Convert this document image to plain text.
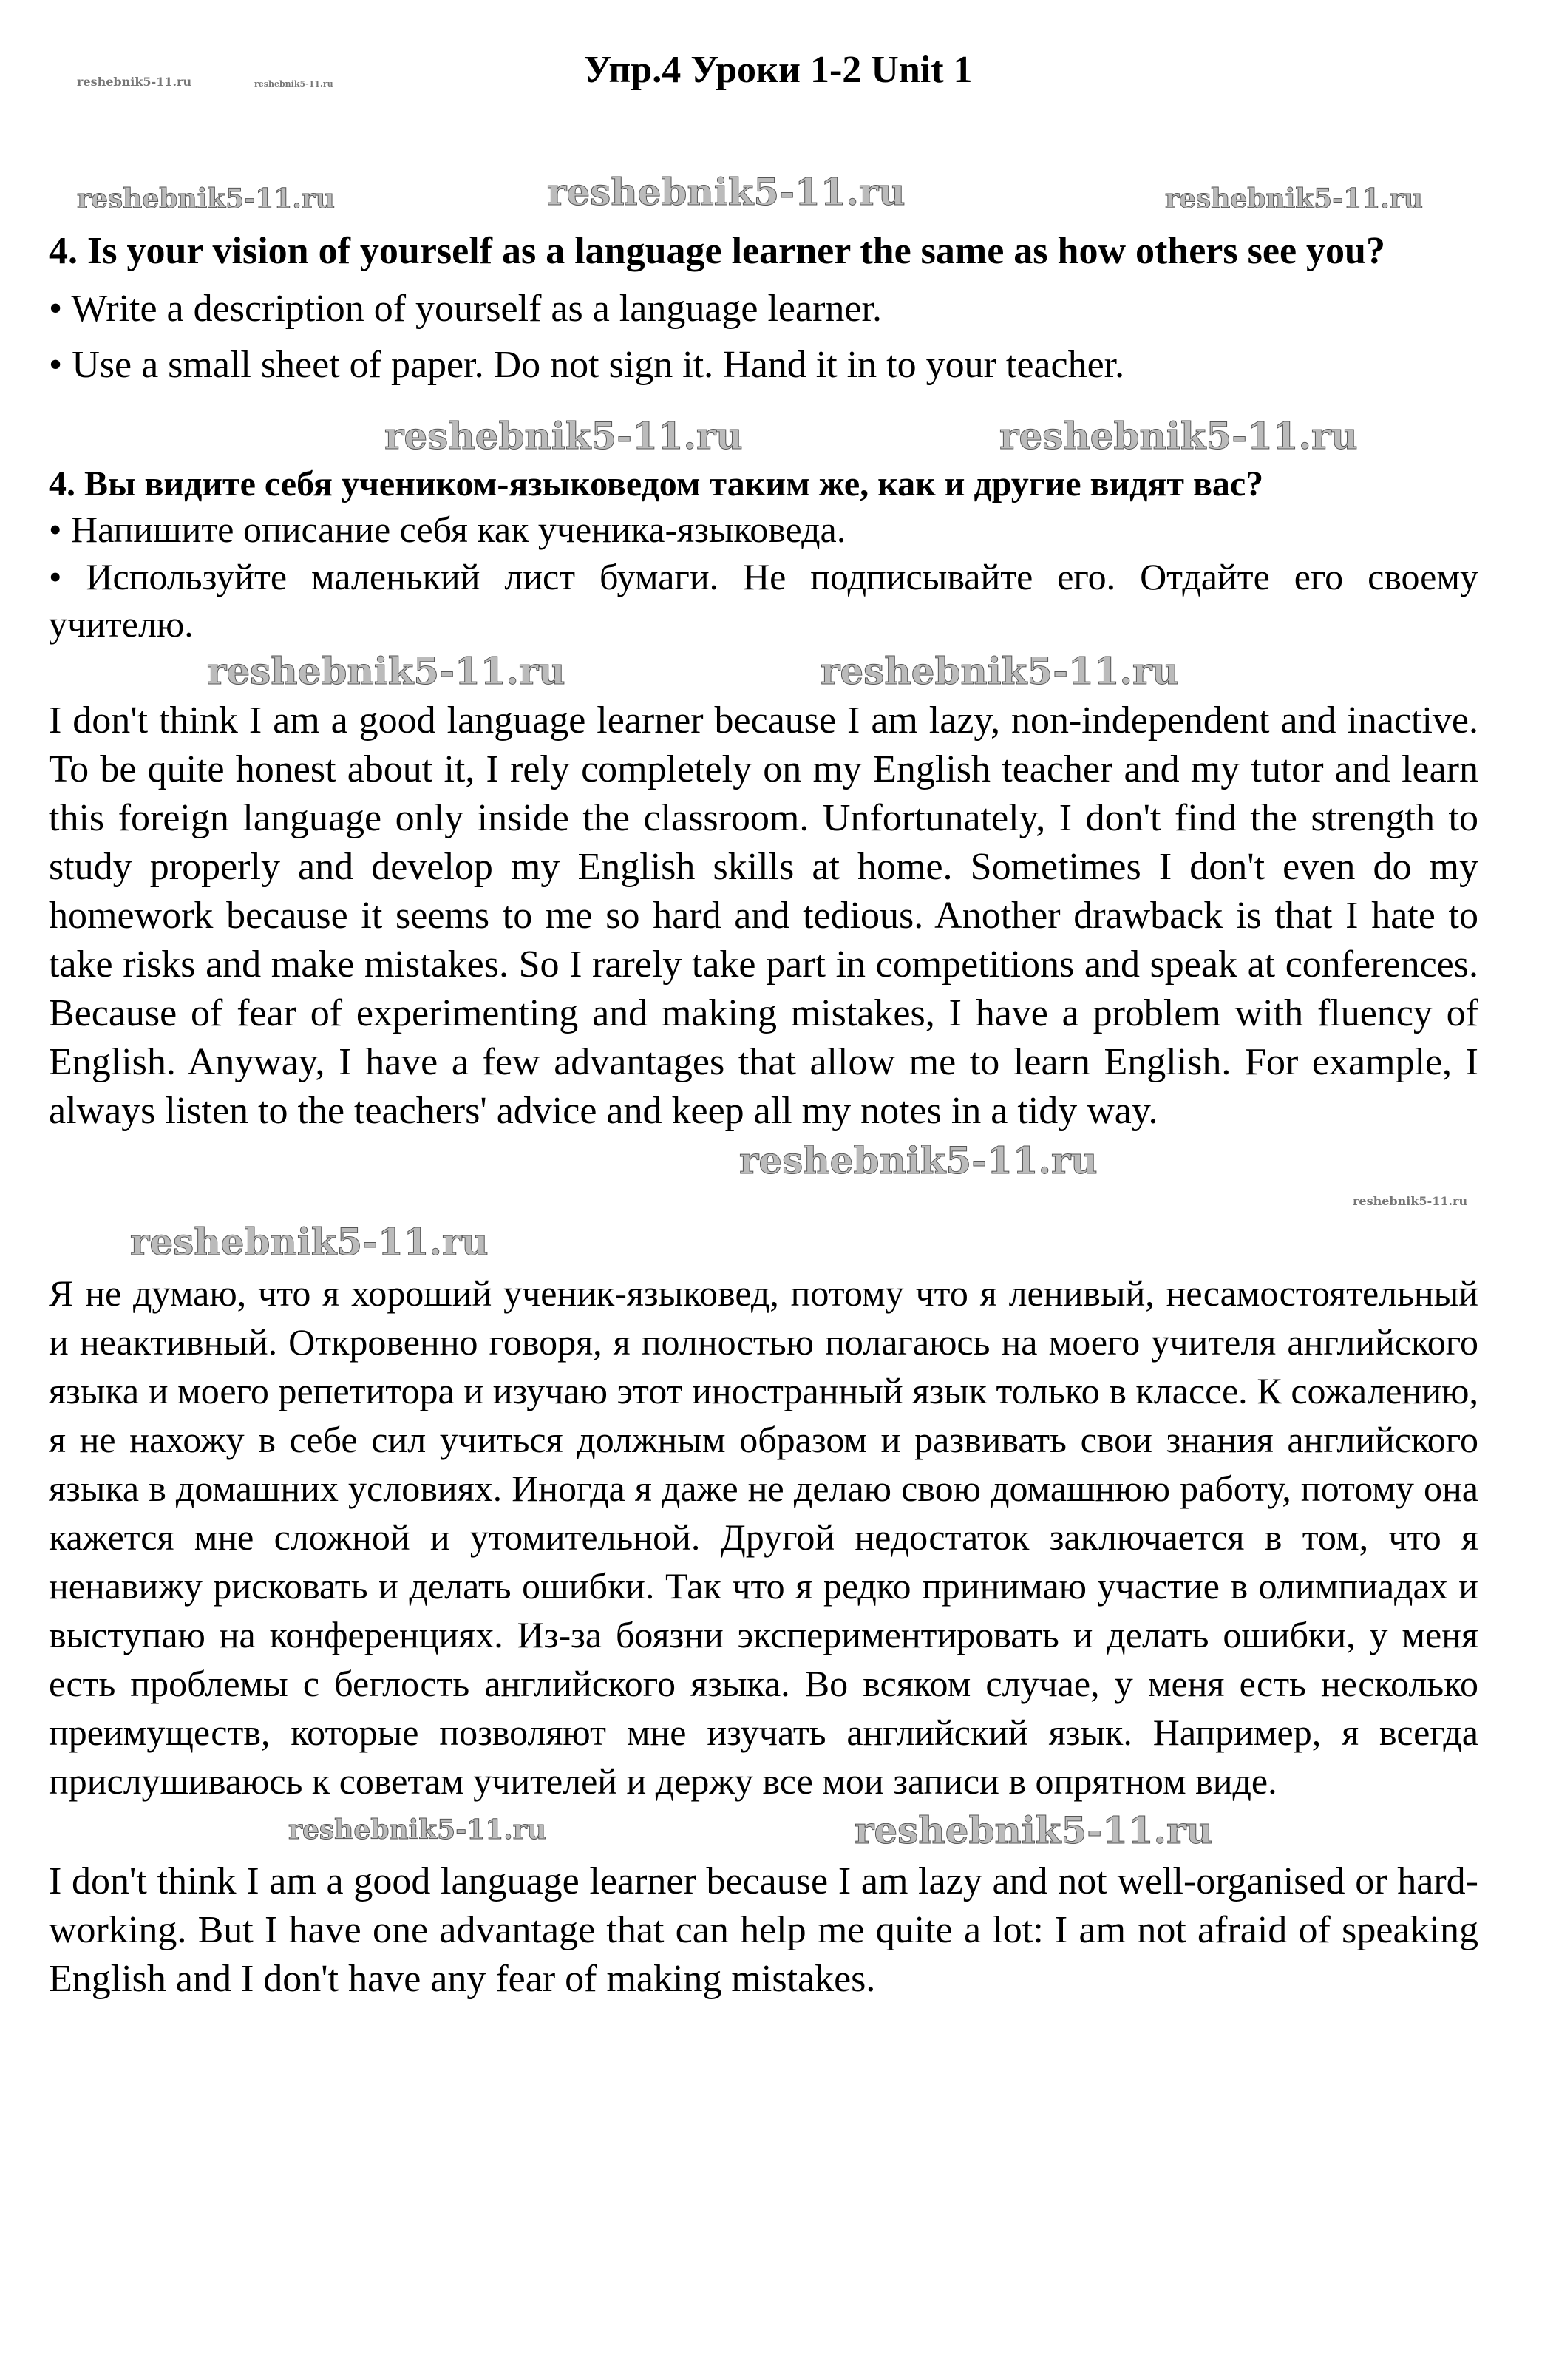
reshebnik5-11.ru	reshebnik5-11.ru	Упр.4 Уроки 1-2 Unit 1
reshebnik5-11.ru	reshebnik5-11.ru	reshebnik5-11.ru
4. Is your vision of yourself as a language learner the same as how others see you?

• Write a description of yourself as a language learner.

• Use a small sheet of paper. Do not sign it. Hand it in to your teacher.

reshebnik5-11.ru	reshebnik5-11.ru
4. Вы видите себя учеником-языковедом таким же, как и другие видят вас?

• Напишите описание себя как ученика-языковеда.

• Используйте маленький лист бумаги. Не подписывайте его. Отдайте его своему учителю.

reshebnik5-11.ru	reshebnik5-11.ru
I don't think I am a good language learner because I am lazy, non-independent and inactive. To be quite honest about it, I rely completely on my English teacher and my tutor and learn this foreign language only inside the classroom. Unfortunately, I don't find the strength to study properly and develop my English skills at home. Sometimes I don't even do my homework because it seems to me so hard and tedious. Another drawback is that I hate to take risks and make mistakes. So I rarely take part in competitions and speak at conferences. Because of fear of experimenting and making mistakes, I have a problem with fluency of English. Anyway, I have a few advantages that allow me to learn English. For example, I always listen to the teachers' advice and keep all my notes in a tidy way.
reshebnik5-11.ru
reshebnik5-11.ru
reshebnik5-11.ru
Я не думаю, что я хороший ученик-языковед, потому что я ленивый, несамостоятельный и неактивный. Откровенно говоря, я полностью полагаюсь на моего учителя английского языка и моего репетитора и изучаю этот иностранный язык только в классе. К сожалению, я не нахожу в себе сил учиться должным образом и развивать свои знания английского языка в домашних условиях. Иногда я даже не делаю свою домашнюю работу, потому она кажется мне сложной и утомительной. Другой недостаток заключается в том, что я ненавижу рисковать и делать ошибки. Так что я редко принимаю участие в олимпиадах и выступаю на конференциях. Из-за боязни экспериментировать и делать ошибки, у меня есть проблемы с беглость английского языка. Во всяком случае, у меня есть несколько преимуществ, которые позволяют мне изучать английский язык. Например, я всегда прислушиваюсь к советам учителей и держу все мои записи в опрятном виде.
reshebnik5-11.ru	reshebnik5-11.ru
I don't think I am a good language learner because I am lazy and not well-organised or hard-working. But I have one advantage that can help me quite a lot: I am not afraid of speaking English and I don't have any fear of making mistakes.
